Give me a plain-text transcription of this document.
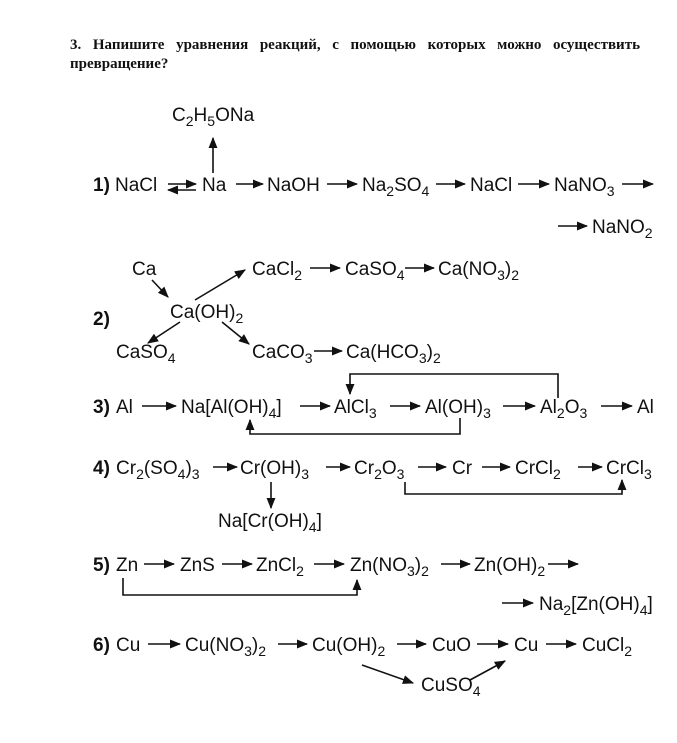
3. Напишите уравнения реакций, с помощью которых можно осуществить превращение?
1) NaCl Na NaOH Na2SO4 NaCl NaNO3
NaNO2
C2H5ONa
2)
Ca
Ca(OH)2
CaSO4
CaCl2 CaSO4 Ca(NO3)2
CaCO3 Ca(HCO3)2
3) Al	Na[Al(OH)4]	AlCl3	Al(OH)3	Al2O3	Al
4) Cr2(SO4)3 Cr(OH)3 Cr2O3	Cr CrCl2 CrCl3
Na[Cr(OH)4]
5) Zn ZnS ZnCl2 Zn(NO3)2 Zn(OH)2
Na2[Zn(OH)4]
6) Cu Cu(NO3)2 Cu(OH)2 CuO Cu CuCl2
CuSO4
